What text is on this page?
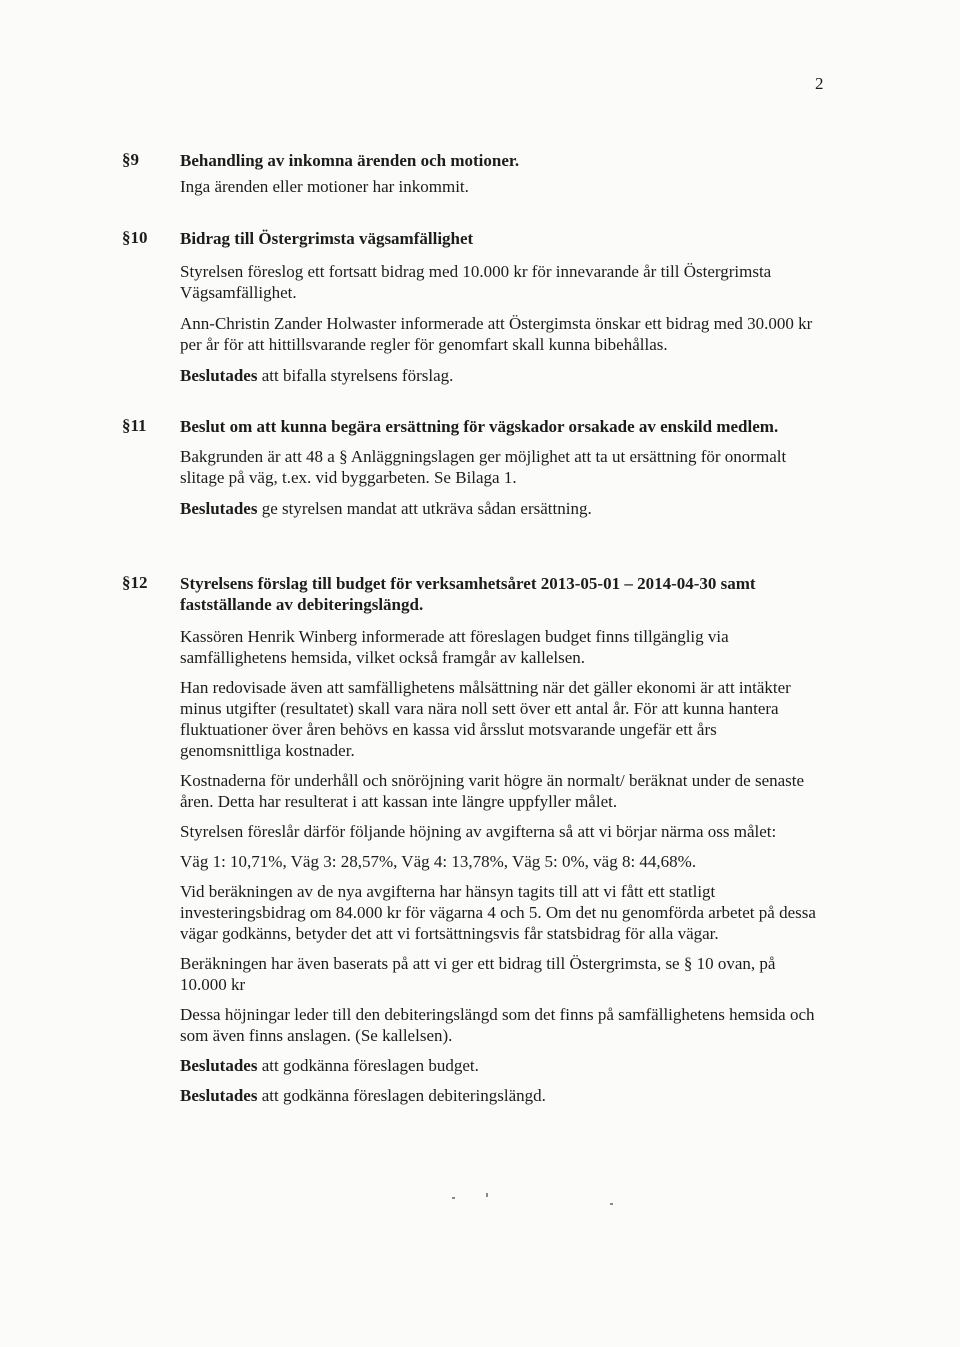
2
§9 Behandling av inkomna ärenden och motioner.
Inga ärenden eller motioner har inkommit.
§10 Bidrag till Östergrimsta vägsamfällighet
Styrelsen föreslog ett fortsatt bidrag med 10.000 kr för innevarande år till Östergrimsta Vägsamfällighet.
Ann-Christin Zander Holwaster informerade att Östergimsta önskar ett bidrag med 30.000 kr per år för att hittillsvarande regler för genomfart skall kunna bibehållas.
Beslutades att bifalla styrelsens förslag.
§11 Beslut om att kunna begära ersättning för vägskador orsakade av enskild medlem.
Bakgrunden är att 48 a § Anläggningslagen ger möjlighet att ta ut ersättning för onormalt slitage på väg, t.ex. vid byggarbeten. Se Bilaga 1.
Beslutades ge styrelsen mandat att utkräva sådan ersättning.
§12 Styrelsens förslag till budget för verksamhetsåret 2013-05-01 – 2014-04-30 samt fastställande av debiteringslängd.
Kassören Henrik Winberg informerade att föreslagen budget finns tillgänglig via samfällighetens hemsida, vilket också framgår av kallelsen.
Han redovisade även att samfällighetens målsättning när det gäller ekonomi är att intäkter minus utgifter (resultatet) skall vara nära noll sett över ett antal år. För att kunna hantera fluktuationer över åren behövs en kassa vid årsslut motsvarande ungefär ett års genomsnittliga kostnader.
Kostnaderna för underhåll och snöröjning varit högre än normalt/ beräknat under de senaste åren. Detta har resulterat i att kassan inte längre uppfyller målet.
Styrelsen föreslår därför följande höjning av avgifterna så att vi börjar närma oss målet:
Väg 1: 10,71%, Väg 3: 28,57%, Väg 4: 13,78%, Väg 5: 0%, väg 8: 44,68%.
Vid beräkningen av de nya avgifterna har hänsyn tagits till att vi fått ett statligt investeringsbidrag om 84.000 kr för vägarna 4 och 5. Om det nu genomförda arbetet på dessa vägar godkänns, betyder det att vi fortsättningsvis får statsbidrag för alla vägar.
Beräkningen har även baserats på att vi ger ett bidrag till Östergrimsta, se § 10 ovan, på 10.000 kr
Dessa höjningar leder till den debiteringslängd som det finns på samfällighetens hemsida och som även finns anslagen. (Se kallelsen).
Beslutades att godkänna föreslagen budget.
Beslutades att godkänna föreslagen debiteringslängd.
